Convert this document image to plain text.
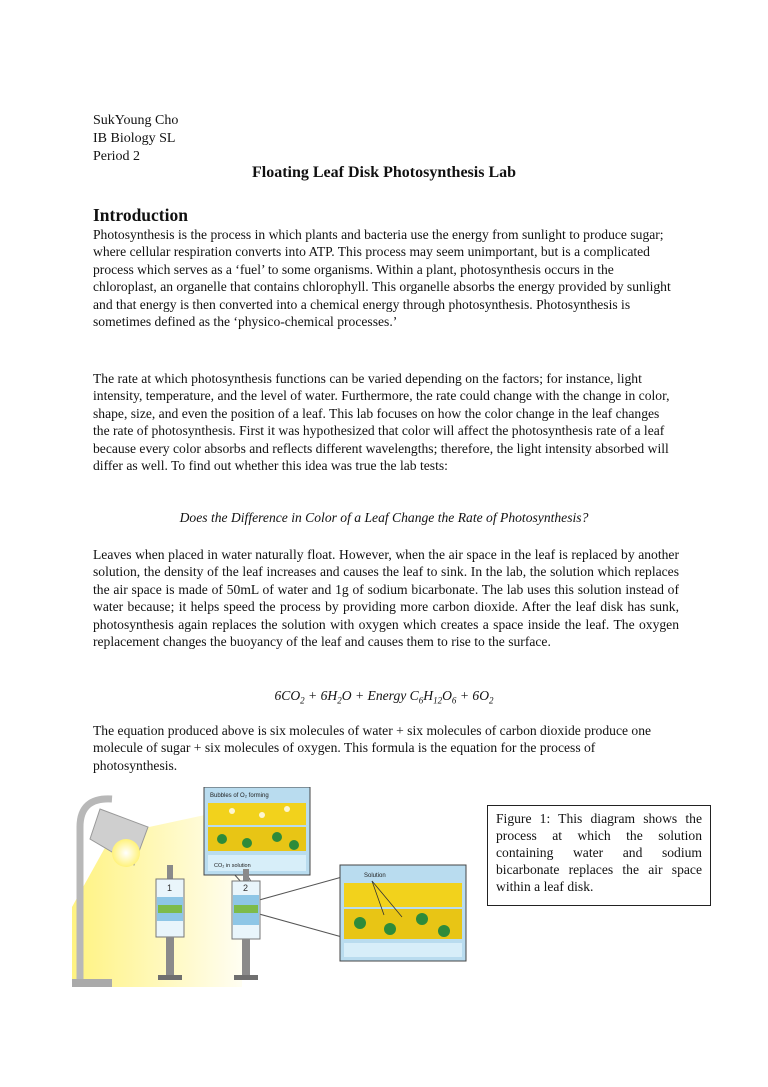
SukYoung Cho
IB Biology SL
Period 2
Floating Leaf Disk Photosynthesis Lab
Introduction

Photosynthesis is the process in which plants and bacteria use the energy from sunlight to produce sugar; where cellular respiration converts into ATP. This process may seem unimportant, but is a complicated process which serves as a ‘fuel’ to some organisms. Within a plant, photosynthesis occurs in the chloroplast, an organelle that contains chlorophyll. This organelle absorbs the energy provided by sunlight and that energy is then converted into a chemical energy through photosynthesis. Photosynthesis is sometimes defined as the ‘physico-chemical processes.’

The rate at which photosynthesis functions can be varied depending on the factors; for instance, light intensity, temperature, and the level of water. Furthermore, the rate could change with the change in color, shape, size, and even the position of a leaf. This lab focuses on how the color change in the leaf changes the rate of photosynthesis. First it was hypothesized that color will affect the photosynthesis rate of a leaf because every color absorbs and reflects different wavelengths; therefore, the light intensity absorbed will differ as well. To find out whether this idea was true the lab tests:

Does the Difference in Color of a Leaf Change the Rate of Photosynthesis?

Leaves when placed in water naturally float. However, when the air space in the leaf is replaced by another solution, the density of the leaf increases and causes the leaf to sink. In the lab, the solution which replaces the air space is made of 50mL of water and 1g of sodium bicarbonate. The lab uses this solution instead of water because; it helps speed the process by providing more carbon dioxide. After the leaf disk has sunk, photosynthesis again replaces the solution with oxygen which creates a space inside the leaf. The oxygen replacement changes the buoyancy of the leaf and causes them to rise to the surface.

$6CO_2 + 6H_2O$ + Energy $C_6H_{12}O_6 + 6O_2$

The equation produced above is six molecules of water + six molecules of carbon dioxide produce one molecule of sugar + six molecules of oxygen. This formula is the equation for the process of photosynthesis.

Bubbles of O₂ forming
CO₂ in solution
1	2
Solution
Figure 1: This diagram shows the process at which the solution containing water and sodium bicarbonate replaces the air space within a leaf disk.
